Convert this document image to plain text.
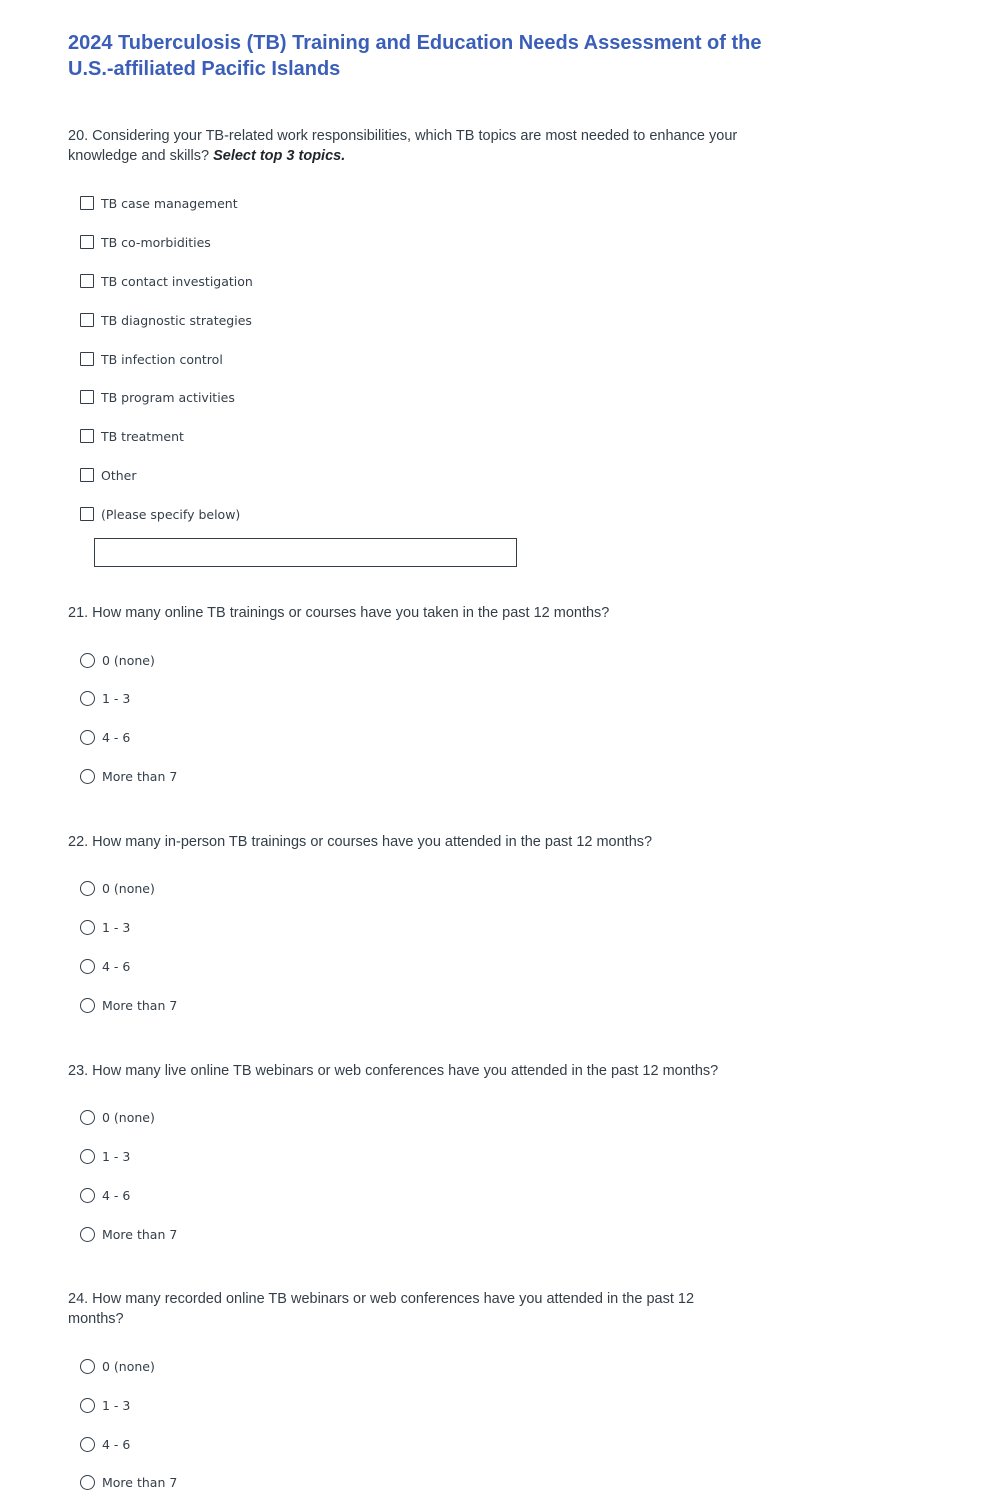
2024 Tuberculosis (TB) Training and Education Needs Assessment of the
U.S.-affiliated Pacific Islands
20. Considering your TB-related work responsibilities, which TB topics are most needed to enhance your knowledge and skills? Select top 3 topics.
TB case management
TB co-morbidities
TB contact investigation
TB diagnostic strategies
TB infection control
TB program activities
TB treatment
Other
(Please specify below)
21. How many online TB trainings or courses have you taken in the past 12 months?
0 (none)
1 - 3
4 - 6
More than 7
22. How many in-person TB trainings or courses have you attended in the past 12 months?
0 (none)
1 - 3
4 - 6
More than 7
23. How many live online TB webinars or web conferences have you attended in the past 12 months?
0 (none)
1 - 3
4 - 6
More than 7
24. How many recorded online TB webinars or web conferences have you attended in the past 12 months?
0 (none)
1 - 3
4 - 6
More than 7
